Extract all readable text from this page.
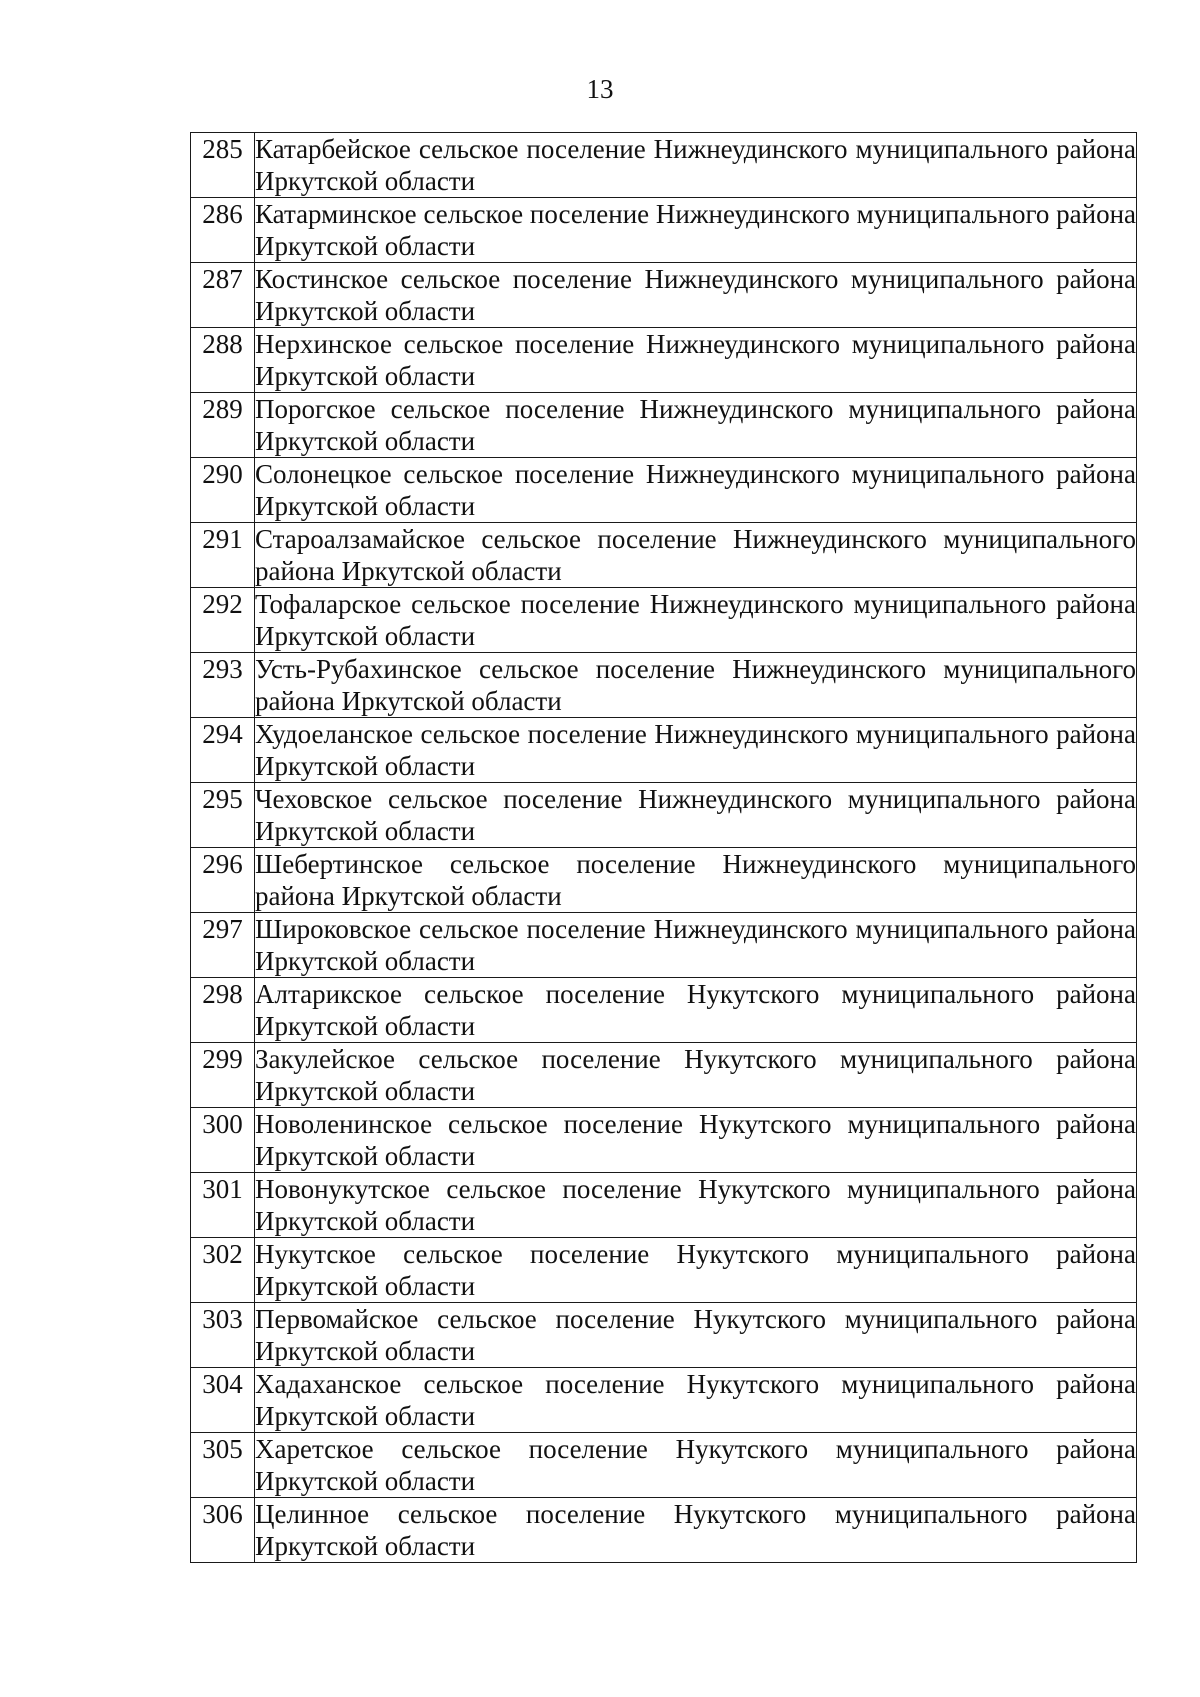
13
285	Катарбейское сельское поселение Нижнеудинского муниципального района Иркутской области
286	Катарминское сельское поселение Нижнеудинского муниципального района Иркутской области
287	Костинское сельское поселение Нижнеудинского муниципального района Иркутской области
288	Нерхинское сельское поселение Нижнеудинского муниципального района Иркутской области
289	Порогское сельское поселение Нижнеудинского муниципального района Иркутской области
290	Солонецкое сельское поселение Нижнеудинского муниципального района Иркутской области
291	Староалзамайское сельское поселение Нижнеудинского муниципального района Иркутской области
292	Тофаларское сельское поселение Нижнеудинского муниципального района Иркутской области
293	Усть-Рубахинское сельское поселение Нижнеудинского муниципального района Иркутской области
294	Худоеланское сельское поселение Нижнеудинского муниципального района Иркутской области
295	Чеховское сельское поселение Нижнеудинского муниципального района Иркутской области
296	Шебертинское сельское поселение Нижнеудинского муниципального района Иркутской области
297	Широковское сельское поселение Нижнеудинского муниципального района Иркутской области
298	Алтарикское сельское поселение Нукутского муниципального района Иркутской области
299	Закулейское сельское поселение Нукутского муниципального района Иркутской области
300	Новоленинское сельское поселение Нукутского муниципального района Иркутской области
301	Новонукутское сельское поселение Нукутского муниципального района Иркутской области
302	Нукутское сельское поселение Нукутского муниципального района Иркутской области
303	Первомайское сельское поселение Нукутского муниципального района Иркутской области
304	Хадаханское сельское поселение Нукутского муниципального района Иркутской области
305	Харетское сельское поселение Нукутского муниципального района Иркутской области
306	Целинное сельское поселение Нукутского муниципального района Иркутской области
